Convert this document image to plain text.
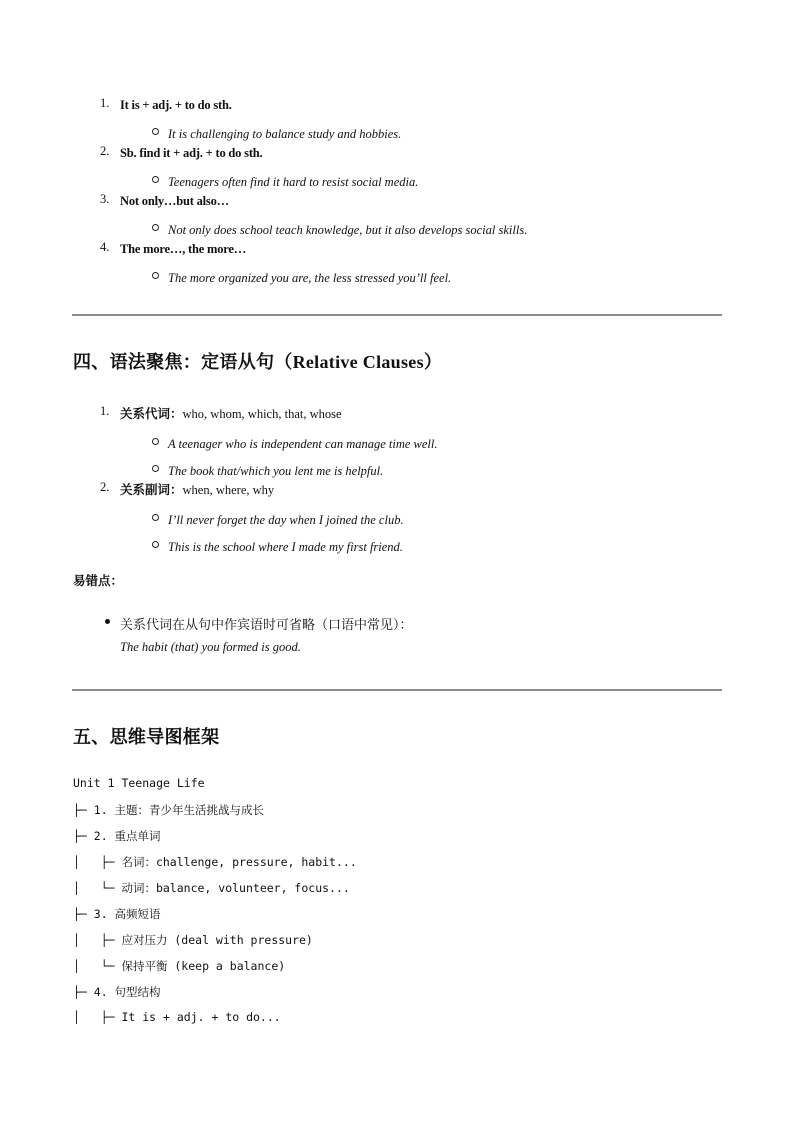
1. It is + adj. + to do sth.
It is challenging to balance study and hobbies.
2. Sb. find it + adj. + to do sth.
Teenagers often find it hard to resist social media.
3. Not only…but also…
Not only does school teach knowledge, but it also develops social skills.
4. The more…, the more…
The more organized you are, the less stressed you’ll feel.
四、语法聚焦：定语从句（Relative Clauses）
1. 关系代词：who, whom, which, that, whose
A teenager who is independent can manage time well.
The book that/which you lent me is helpful.
2. 关系副词：when, where, why
I’ll never forget the day when I joined the club.
This is the school where I made my first friend.
易错点：
关系代词在从句中作宾语时可省略（口语中常见）：
The habit (that) you formed is good.
五、思维导图框架
Unit 1 Teenage Life
├─ 1. 主题：青少年生活挑战与成长
├─ 2. 重点单词
│   ├─ 名词：challenge, pressure, habit...
│   └─ 动词：balance, volunteer, focus...
├─ 3. 高频短语
│   ├─ 应对压力 (deal with pressure)
│   └─ 保持平衡 (keep a balance)
├─ 4. 句型结构
│   ├─ It is + adj. + to do...
